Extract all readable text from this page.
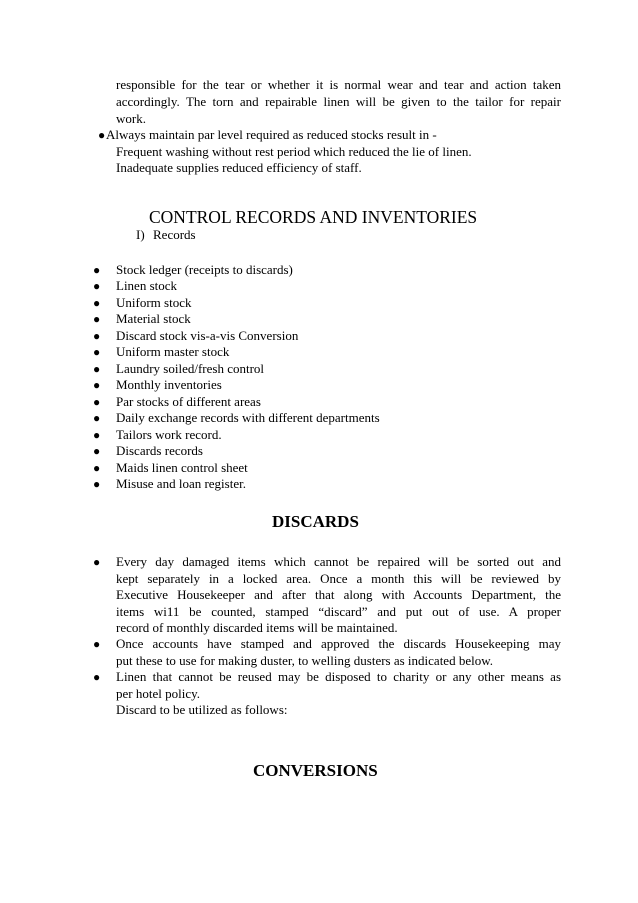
responsible for the tear or whether it is normal wear and tear and action taken
accordingly. The torn and repairable linen will be given to the tailor for repair
work.
● Always maintain par level required as reduced stocks result in -
Frequent washing without rest period which reduced the lie of linen.
Inadequate supplies reduced efficiency of staff.
CONTROL RECORDS AND INVENTORIES
I) Records
● Stock ledger (receipts to discards)
● Linen stock
● Uniform stock
● Material stock
● Discard stock vis-a-vis Conversion
● Uniform master stock
● Laundry soiled/fresh control
● Monthly inventories
● Par stocks of different areas
● Daily exchange records with different departments
● Tailors work record.
● Discards records
● Maids linen control sheet
● Misuse and loan register.
DISCARDS
● Every day damaged items which cannot be repaired will be sorted out and
kept separately in a locked area. Once a month this will be reviewed by
Executive Housekeeper and after that along with Accounts Department, the
items wi11 be counted, stamped “discard” and put out of use. A proper
record of monthly discarded items will be maintained.
● Once accounts have stamped and approved the discards Housekeeping may
put these to use for making duster, to welling dusters as indicated below.
● Linen that cannot be reused may be disposed to charity or any other means as
per hotel policy.
Discard to be utilized as follows:
CONVERSIONS
